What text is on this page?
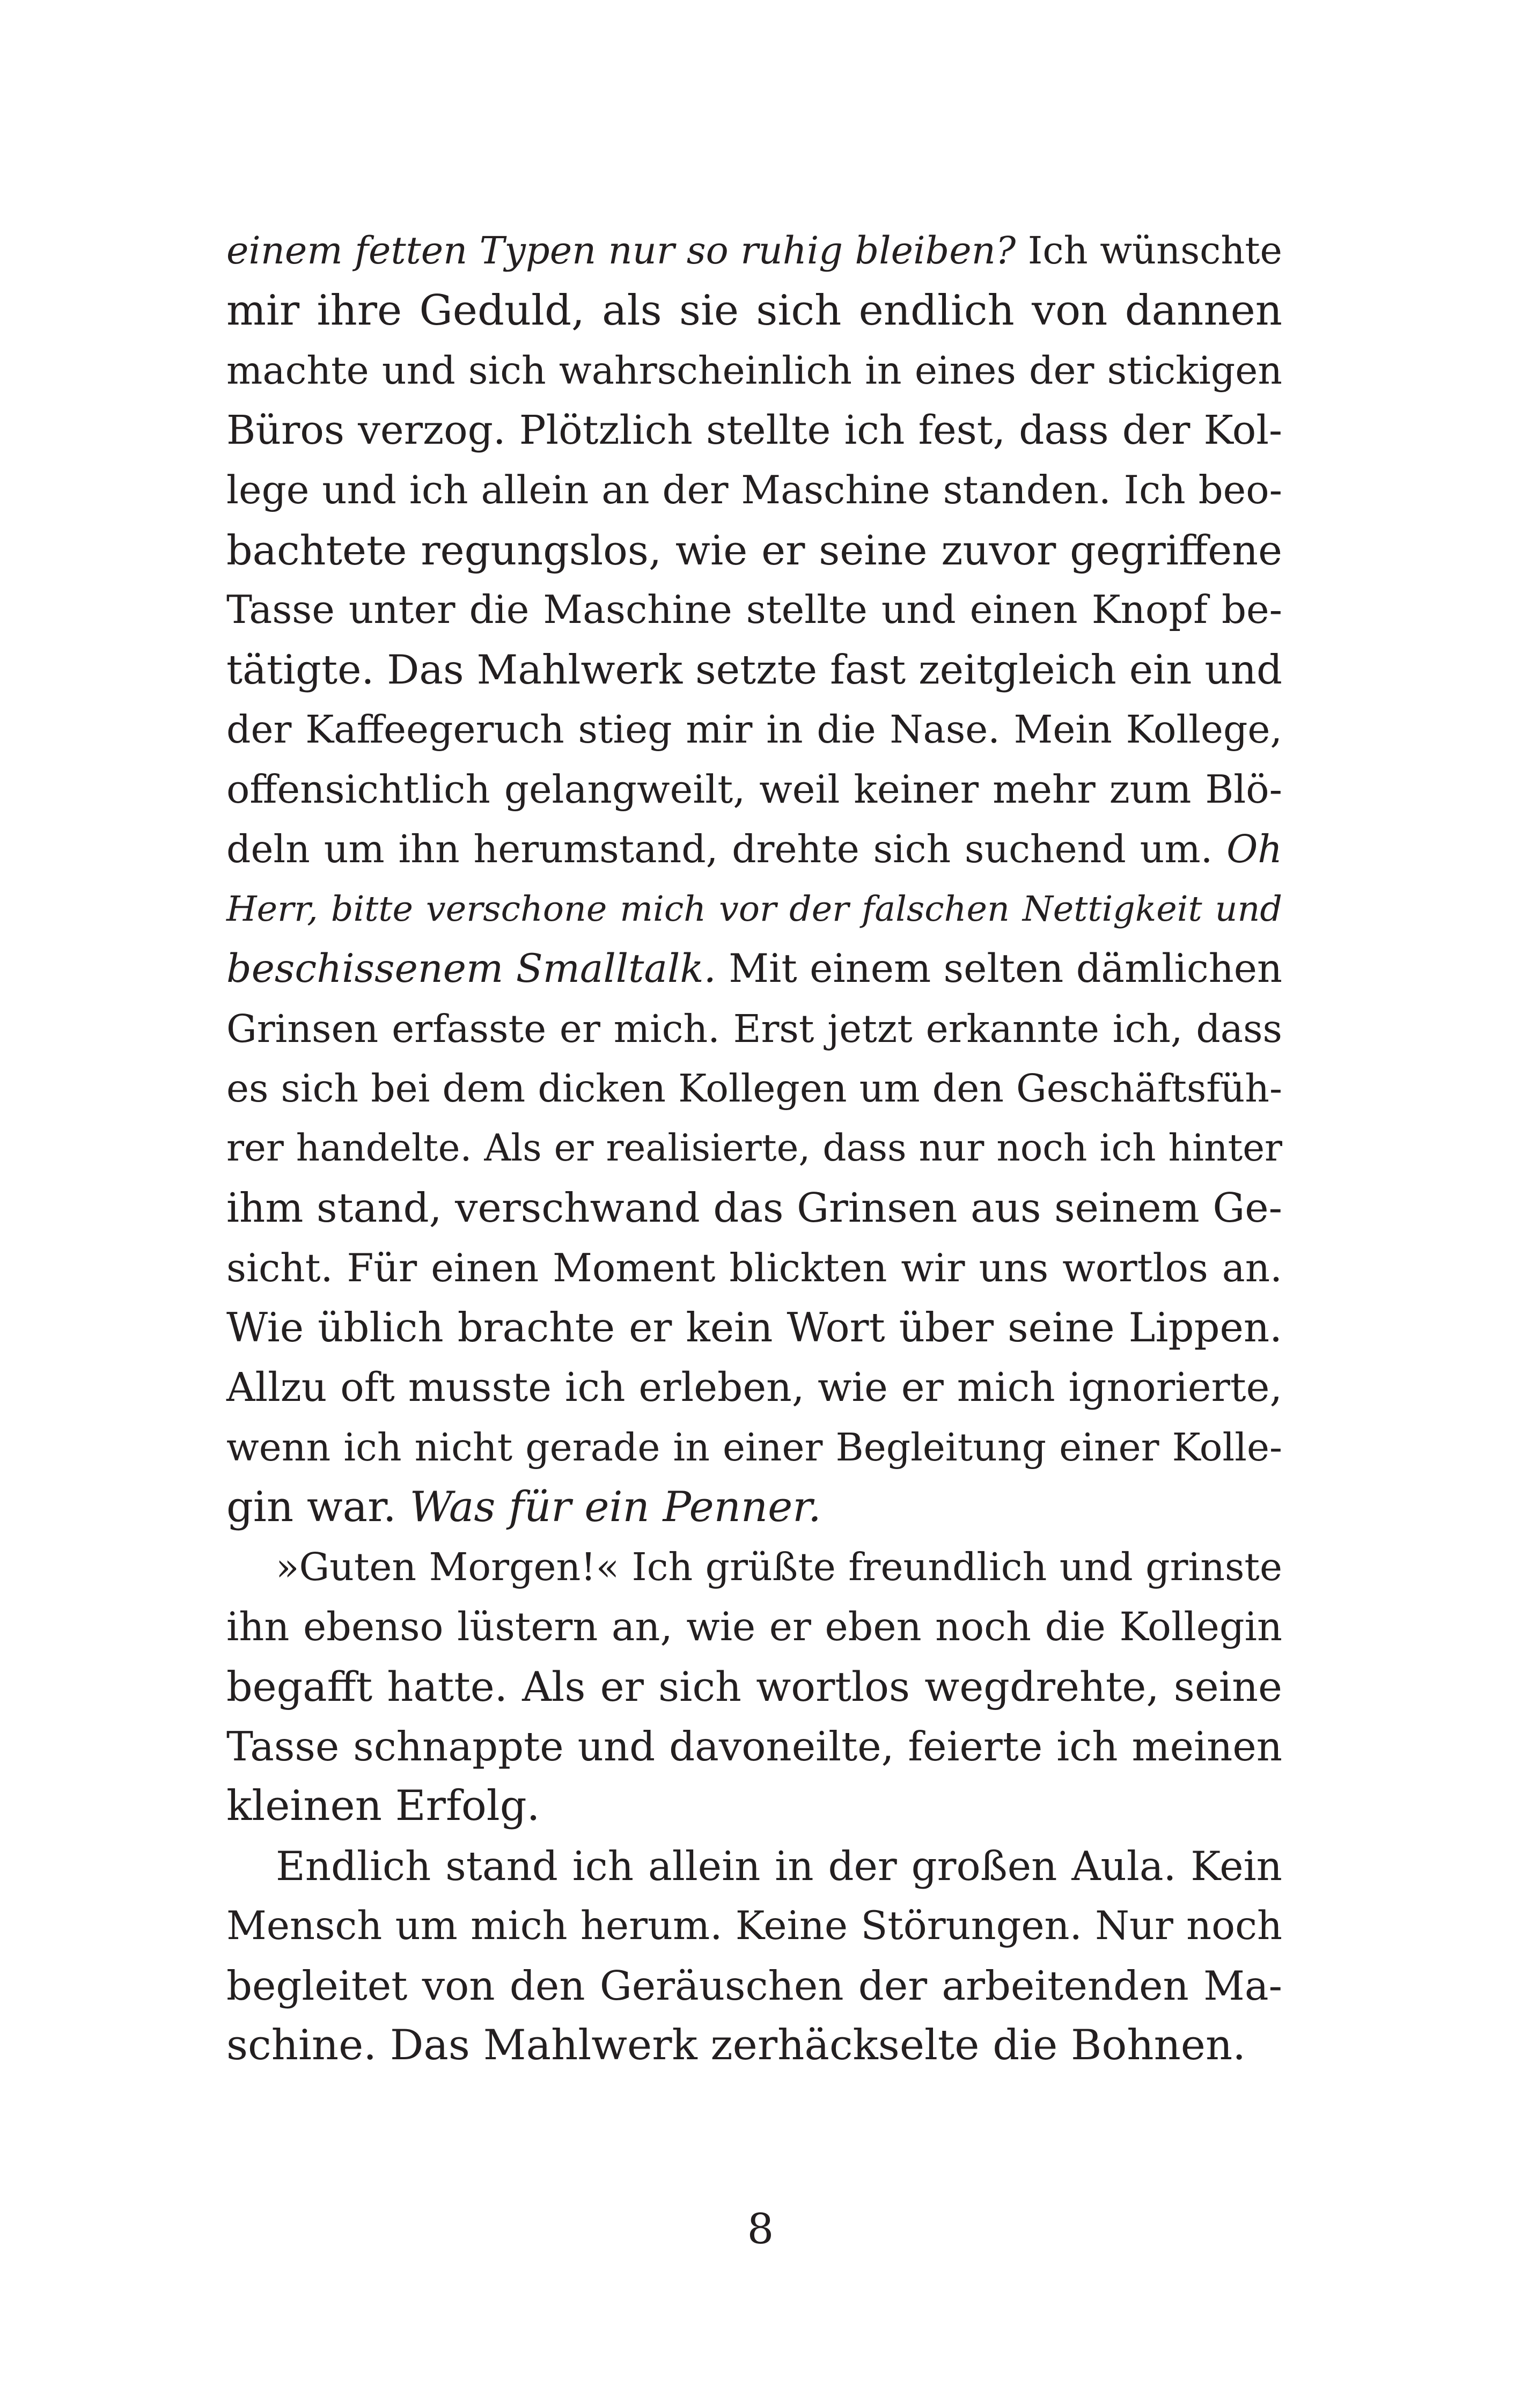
einem fetten Typen nur so ruhig bleiben? Ich wünschte
mir ihre Geduld, als sie sich endlich von dannen
machte und sich wahrscheinlich in eines der stickigen
Büros verzog. Plötzlich stellte ich fest, dass der Kol-
lege und ich allein an der Maschine standen. Ich beo-
bachtete regungslos, wie er seine zuvor gegriffene
Tasse unter die Maschine stellte und einen Knopf be-
tätigte. Das Mahlwerk setzte fast zeitgleich ein und
der Kaffeegeruch stieg mir in die Nase. Mein Kollege,
offensichtlich gelangweilt, weil keiner mehr zum Blö-
deln um ihn herumstand, drehte sich suchend um. Oh
Herr, bitte verschone mich vor der falschen Nettigkeit und
beschissenem Smalltalk. Mit einem selten dämlichen
Grinsen erfasste er mich. Erst jetzt erkannte ich, dass
es sich bei dem dicken Kollegen um den Geschäftsfüh-
rer handelte. Als er realisierte, dass nur noch ich hinter
ihm stand, verschwand das Grinsen aus seinem Ge-
sicht. Für einen Moment blickten wir uns wortlos an.
Wie üblich brachte er kein Wort über seine Lippen.
Allzu oft musste ich erleben, wie er mich ignorierte,
wenn ich nicht gerade in einer Begleitung einer Kolle-
gin war. Was für ein Penner.
»Guten Morgen!« Ich grüßte freundlich und grinste
ihn ebenso lüstern an, wie er eben noch die Kollegin
begafft hatte. Als er sich wortlos wegdrehte, seine
Tasse schnappte und davoneilte, feierte ich meinen
kleinen Erfolg.
Endlich stand ich allein in der großen Aula. Kein
Mensch um mich herum. Keine Störungen. Nur noch
begleitet von den Geräuschen der arbeitenden Ma-
schine. Das Mahlwerk zerhäckselte die Bohnen.
8
